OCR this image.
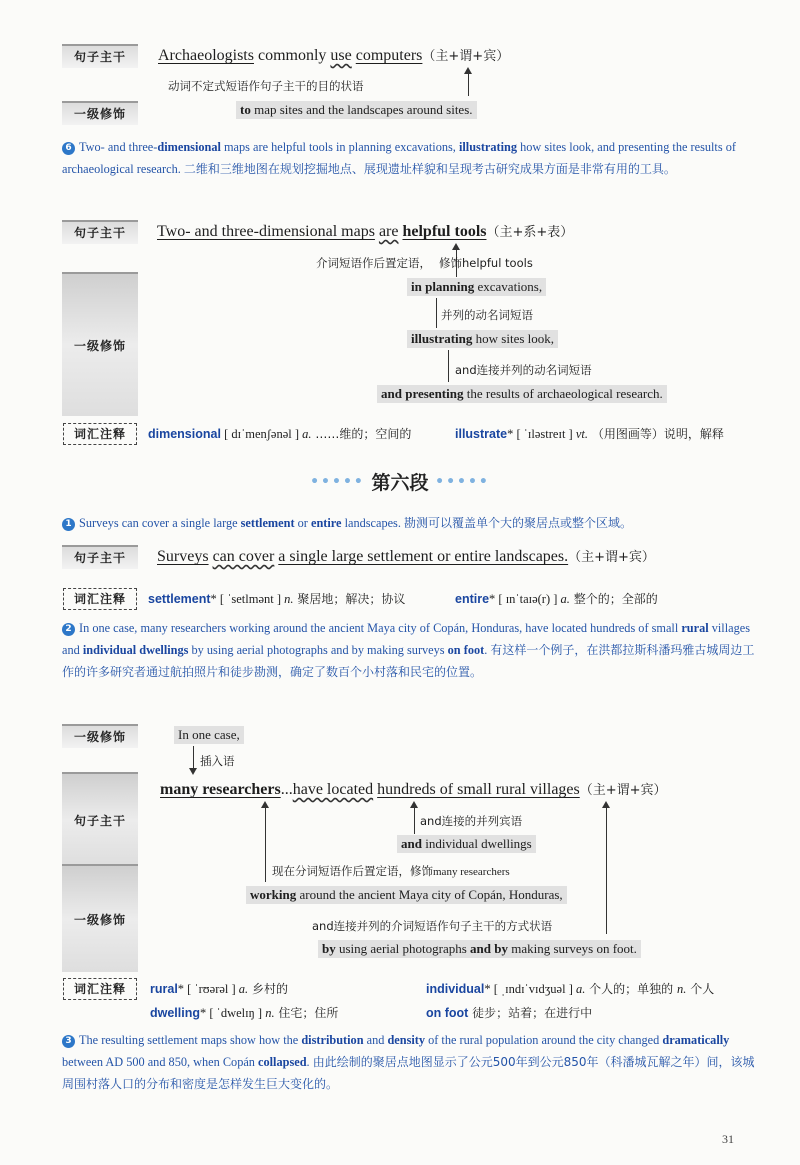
句子主干	Archaeologists commonly use computers（主+谓+宾）
动词不定式短语作句子主干的目的状语
一级修饰	to map sites and the landscapes around sites.
6 Two- and three-dimensional maps are helpful tools in planning excavations, illustrating how sites look, and presenting the results of archaeological research. 二维和三维地图在规划挖掘地点、展现遗址样貌和呈现考古研究成果方面是非常有用的工具。
句子主干	Two- and three-dimensional maps are helpful tools（主+系+表）
介词短语作后置定语， 修饰helpful tools
一级修饰
in planning excavations,
并列的动名词短语
illustrating how sites look,
and连接并列的动名词短语
and presenting the results of archaeological research.
词汇注释	dimensional [ dɪˈmenʃənəl ] a. ……维的；空间的	illustrate* [ ˈɪləstreɪt ] vt. （用图画等）说明，解释
••••• 第六段 •••••
1 Surveys can cover a single large settlement or entire landscapes. 勘测可以覆盖单个大的聚居点或整个区域。
句子主干	Surveys can cover a single large settlement or entire landscapes.（主+谓+宾）
词汇注释	settlement* [ ˈsetlmənt ] n. 聚居地；解决；协议	entire* [ ɪnˈtaɪə(r) ] a. 整个的；全部的
2 In one case, many researchers working around the ancient Maya city of Copán, Honduras, have located hundreds of small rural villages and individual dwellings by using aerial photographs and by making surveys on foot. 有这样一个例子，在洪都拉斯科潘玛雅古城周边工作的许多研究者通过航拍照片和徒步勘测，确定了数百个小村落和民宅的位置。
一级修饰	In one case,
插入语
句子主干
many researchers...have located hundreds of small rural villages（主+谓+宾）
and连接的并列宾语
and individual dwellings
一级修饰
现在分词短语作后置定语，修饰many researchers
working around the ancient Maya city of Copán, Honduras,
and连接并列的介词短语作句子主干的方式状语
by using aerial photographs and by making surveys on foot.
词汇注释	rural* [ ˈrʊərəl ] a. 乡村的	individual* [ ˌɪndɪˈvɪdʒuəl ] a. 个人的；单独的 n. 个人
dwelling* [ ˈdwelɪŋ ] n. 住宅；住所	on foot 徒步；站着；在进行中
3 The resulting settlement maps show how the distribution and density of the rural population around the city changed dramatically between AD 500 and 850, when Copán collapsed. 由此绘制的聚居点地图显示了公元500年到公元850年（科潘城瓦解之年）间，该城周围村落人口的分布和密度是怎样发生巨大变化的。
31
